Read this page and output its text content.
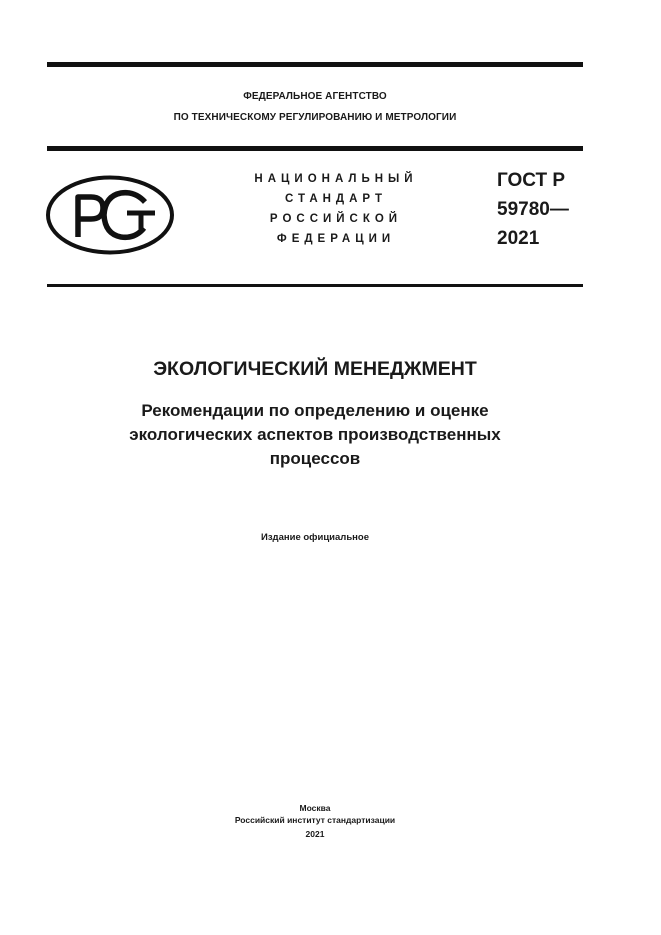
ФЕДЕРАЛЬНОЕ АГЕНТСТВО
ПО ТЕХНИЧЕСКОМУ РЕГУЛИРОВАНИЮ И МЕТРОЛОГИИ
НАЦИОНАЛЬНЫЙ
СТАНДАРТ
РОССИЙСКОЙ
ФЕДЕРАЦИИ
ГОСТ Р
59780—
2021
ЭКОЛОГИЧЕСКИЙ МЕНЕДЖМЕНТ
Рекомендации по определению и оценке
экологических аспектов производственных
процессов
Издание официальное
Москва
Российский институт стандартизации
2021
